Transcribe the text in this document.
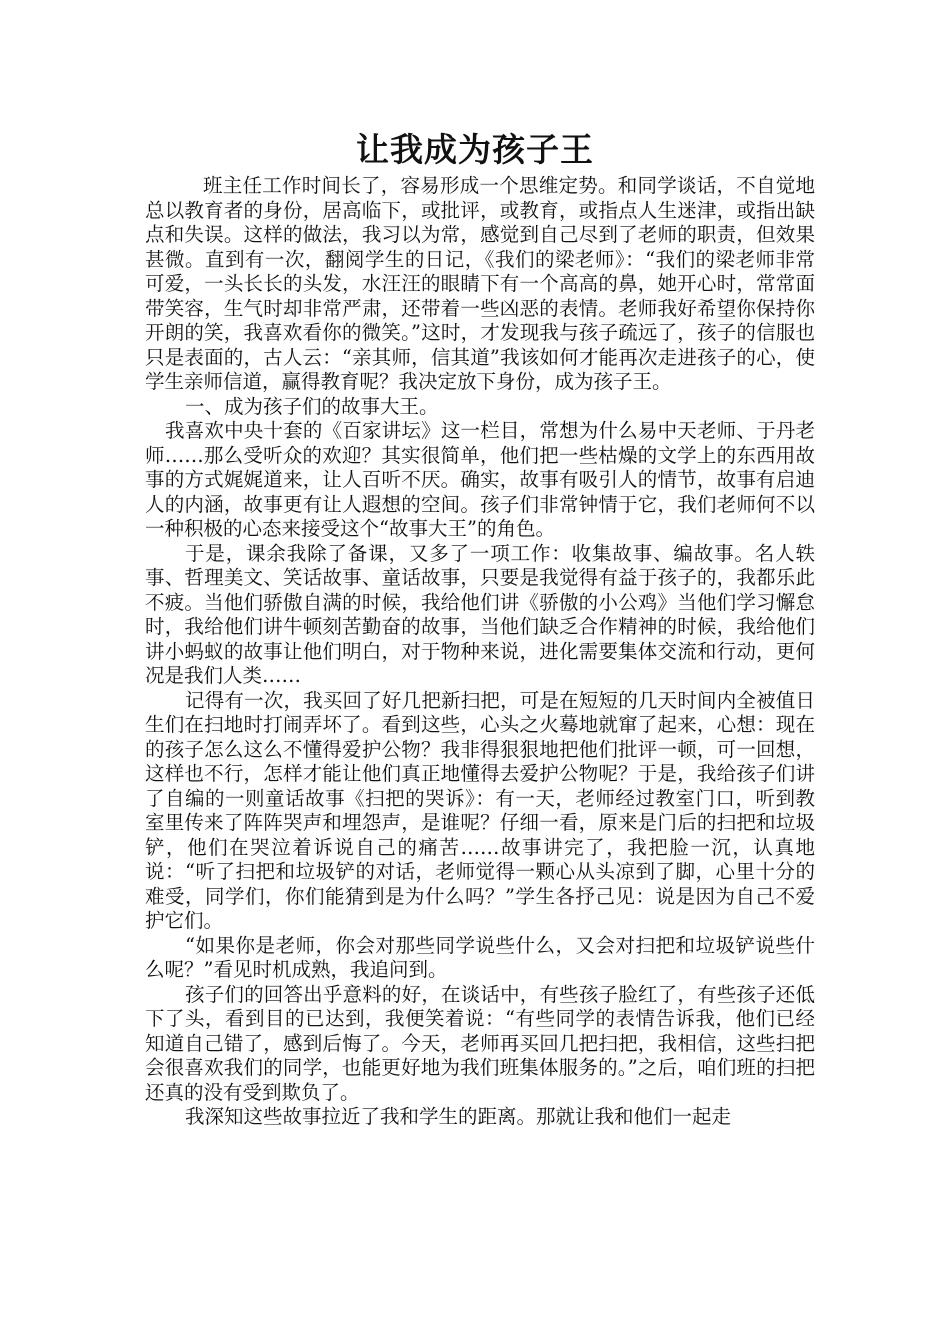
让我成为孩子王

班主任工作时间长了，容易形成一个思维定势。和同学谈话，不自觉地总以教育者的身份，居高临下，或批评，或教育，或指点人生迷津，或指出缺点和失误。这样的做法，我习以为常，感觉到自己尽到了老师的职责，但效果甚微。直到有一次，翻阅学生的日记，《我们的梁老师》：“我们的梁老师非常可爱，一头长长的头发，水汪汪的眼睛下有一个高高的鼻，她开心时，常常面带笑容，生气时却非常严肃，还带着一些凶恶的表情。老师我好希望你保持你开朗的笑，我喜欢看你的微笑。”这时，才发现我与孩子疏远了，孩子的信服也只是表面的，古人云：“亲其师，信其道”我该如何才能再次走进孩子的心，使学生亲师信道，赢得教育呢？我决定放下身份，成为孩子王。

一、成为孩子们的故事大王。

我喜欢中央十套的《百家讲坛》这一栏目，常想为什么易中天老师、于丹老师……那么受听众的欢迎？其实很简单，他们把一些枯燥的文学上的东西用故事的方式娓娓道来，让人百听不厌。确实，故事有吸引人的情节，故事有启迪人的内涵，故事更有让人遐想的空间。孩子们非常钟情于它，我们老师何不以一种积极的心态来接受这个“故事大王”的角色。

于是，课余我除了备课，又多了一项工作：收集故事、编故事。名人轶事、哲理美文、笑话故事、童话故事，只要是我觉得有益于孩子的，我都乐此不疲。当他们骄傲自满的时候，我给他们讲《骄傲的小公鸡》当他们学习懈怠时，我给他们讲牛顿刻苦勤奋的故事，当他们缺乏合作精神的时候，我给他们讲小蚂蚁的故事让他们明白，对于物种来说，进化需要集体交流和行动，更何况是我们人类……

记得有一次，我买回了好几把新扫把，可是在短短的几天时间内全被值日生们在扫地时打闹弄坏了。看到这些，心头之火蓦地就窜了起来，心想：现在的孩子怎么这么不懂得爱护公物？我非得狠狠地把他们批评一顿，可一回想，这样也不行，怎样才能让他们真正地懂得去爱护公物呢？于是，我给孩子们讲了自编的一则童话故事《扫把的哭诉》：有一天，老师经过教室门口，听到教室里传来了阵阵哭声和埋怨声，是谁呢？仔细一看，原来是门后的扫把和垃圾铲，他们在哭泣着诉说自己的痛苦……故事讲完了，我把脸一沉，认真地说：“听了扫把和垃圾铲的对话，老师觉得一颗心从头凉到了脚，心里十分的难受，同学们，你们能猜到是为什么吗？”学生各抒己见：说是因为自己不爱护它们。

“如果你是老师，你会对那些同学说些什么，又会对扫把和垃圾铲说些什么呢？”看见时机成熟，我追问到。

孩子们的回答出乎意料的好，在谈话中，有些孩子脸红了，有些孩子还低下了头，看到目的已达到，我便笑着说：“有些同学的表情告诉我，他们已经知道自己错了，感到后悔了。今天，老师再买回几把扫把，我相信，这些扫把会很喜欢我们的同学，也能更好地为我们班集体服务的。”之后，咱们班的扫把还真的没有受到欺负了。

我深知这些故事拉近了我和学生的距离。那就让我和他们一起走
